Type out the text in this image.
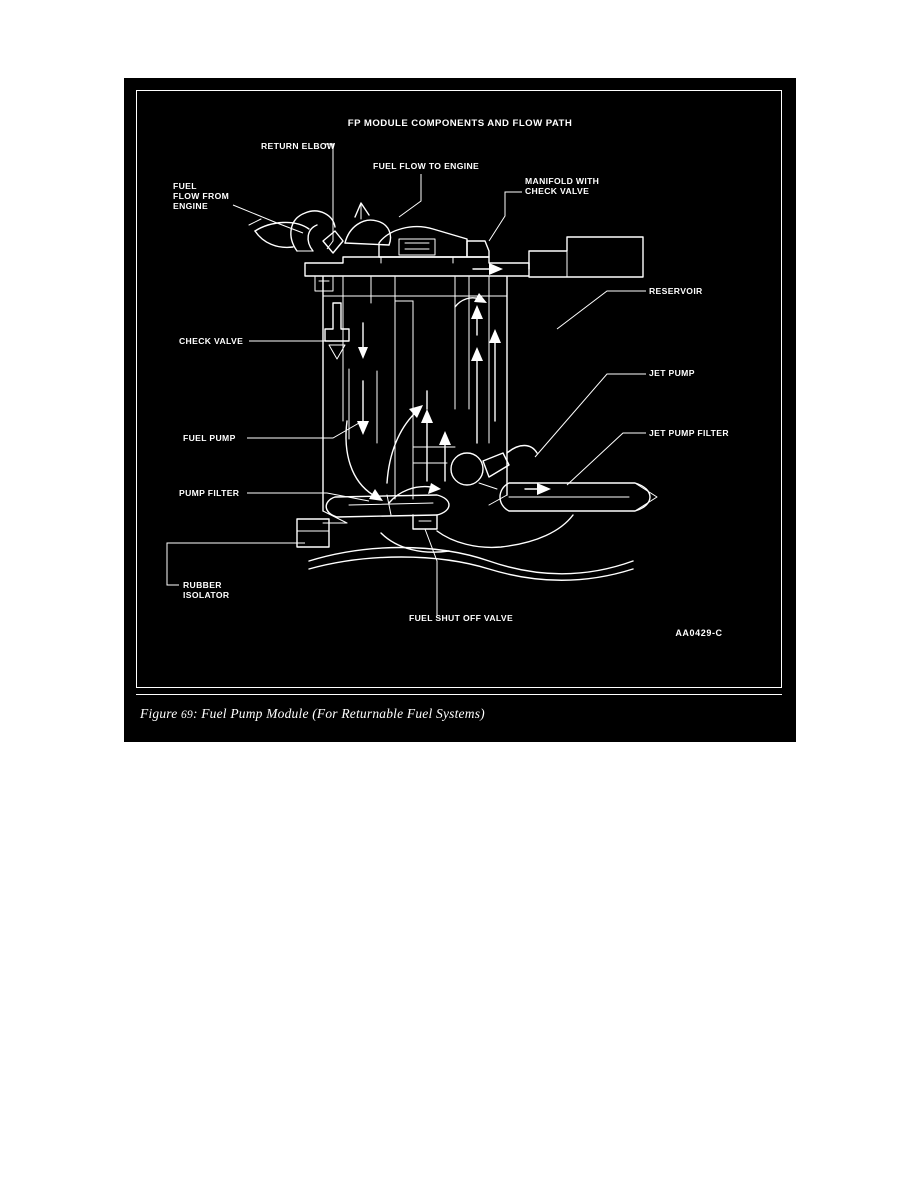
FP MODULE COMPONENTS AND FLOW PATH
RETURN ELBOW
FUEL FLOW TO ENGINE
MANIFOLD WITH
CHECK VALVE
FUEL
FLOW FROM
ENGINE
RESERVOIR
CHECK VALVE
JET PUMP
FUEL PUMP	JET PUMP FILTER
PUMP FILTER
RUBBER
ISOLATOR
FUEL SHUT OFF VALVE
AA0429-C
Figure 69: Fuel Pump Module (For Returnable Fuel Systems)
